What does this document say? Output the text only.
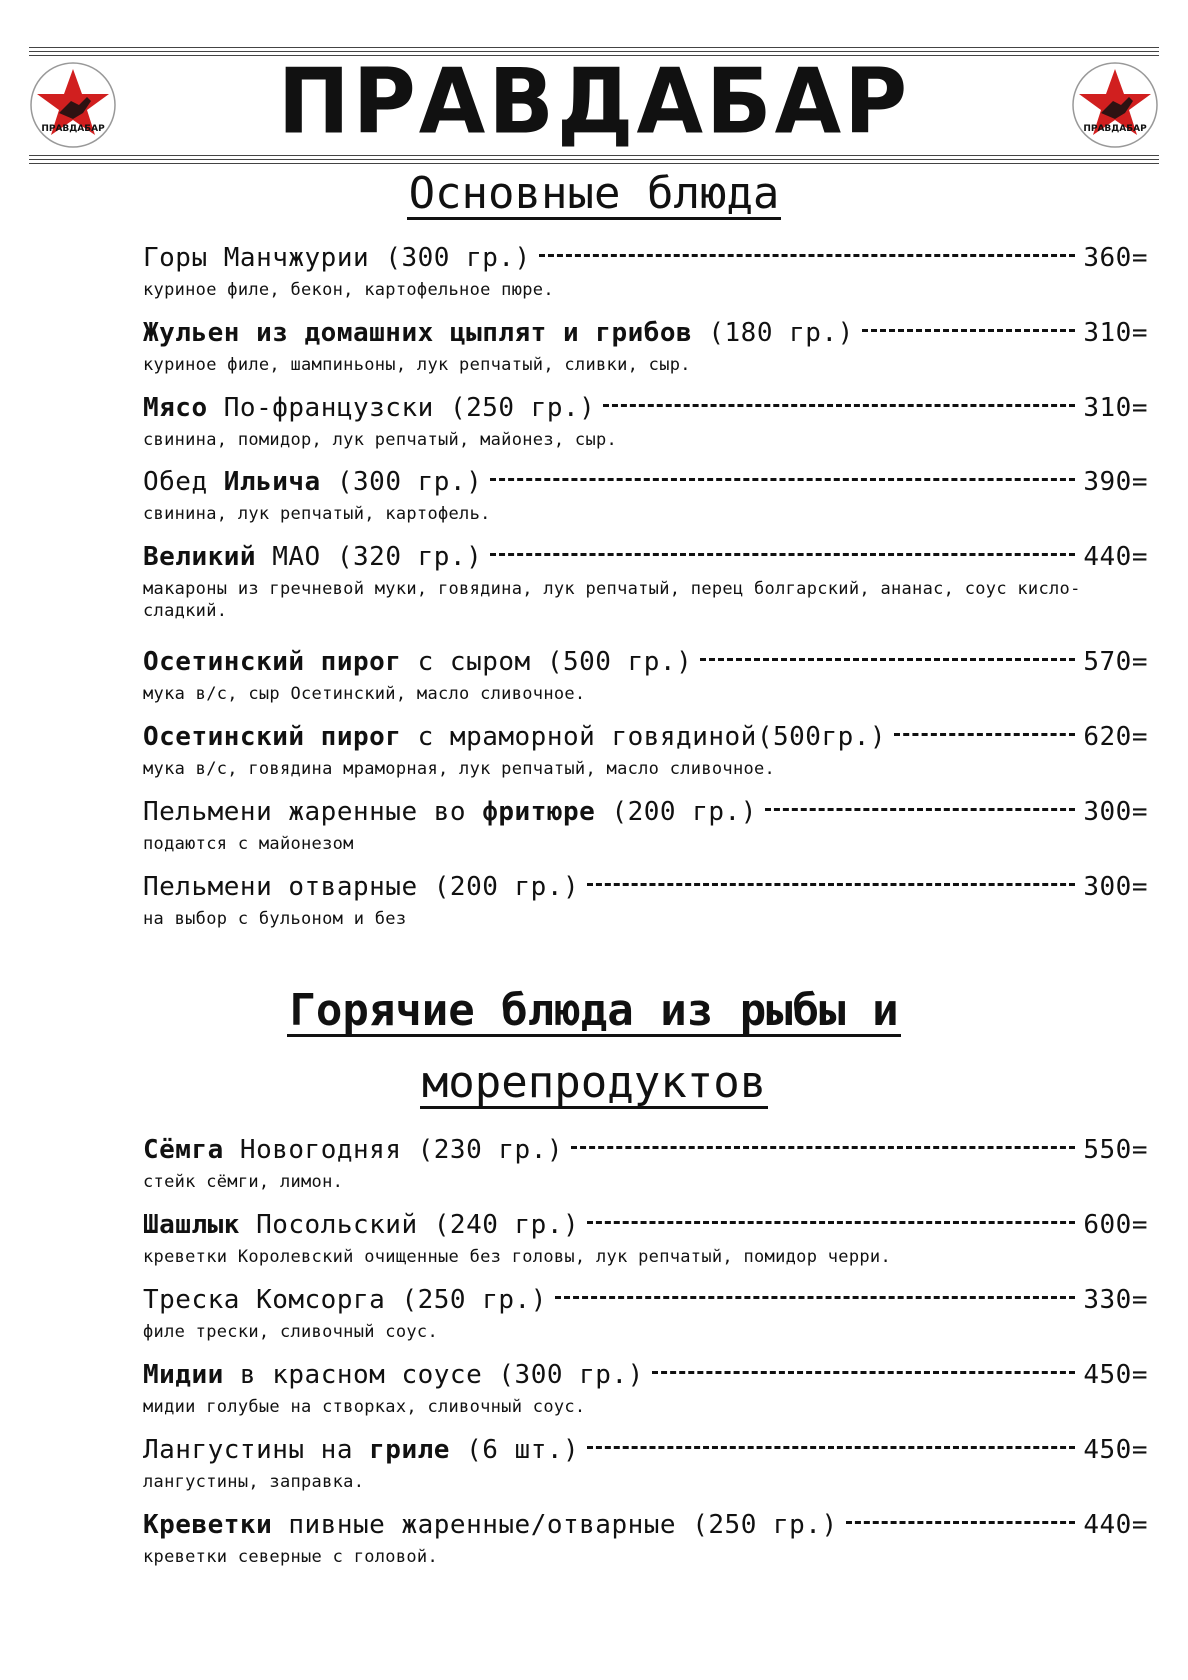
ПРАВДАБАР	ПРАВДАБАР
ПРАВДАБАР
Основные блюда
Горы Манчжурии (300 гр.)	360=
куриное филе, бекон, картофельное пюре.
Жульен из домашних цыплят и грибов (180 гр.)	310=
куриное филе, шампиньоны, лук репчатый, сливки, сыр.
Мясо По-французски (250 гр.)	310=
свинина, помидор, лук репчатый, майонез, сыр.
Обед Ильича (300 гр.)	390=
свинина, лук репчатый, картофель.
Великий МАО (320 гр.)	440=
макароны из гречневой муки, говядина, лук репчатый, перец болгарский, ананас, соус кисло-сладкий.
Осетинский пирог с сыром (500 гр.)	570=
мука в/с, сыр Осетинский, масло сливочное.
Осетинский пирог с мраморной говядиной(500гр.)	620=
мука в/с, говядина мраморная, лук репчатый, масло сливочное.
Пельмени жаренные во фритюре (200 гр.)	300=
подаются с майонезом
Пельмени отварные (200 гр.)	300=
на выбор с бульоном и без
Горячие блюда из рыбы и
морепродуктов
Сёмга Новогодняя (230 гр.)	550=
стейк сёмги, лимон.
Шашлык Посольский (240 гр.)	600=
креветки Королевский очищенные без головы, лук репчатый, помидор черри.
Треска Комсорга (250 гр.)	330=
филе трески, сливочный соус.
Мидии в красном соусе (300 гр.)	450=
мидии голубые на створках, сливочный соус.
Лангустины на гриле (6 шт.)	450=
лангустины, заправка.
Креветки пивные жаренные/отварные (250 гр.)	440=
креветки северные с головой.
